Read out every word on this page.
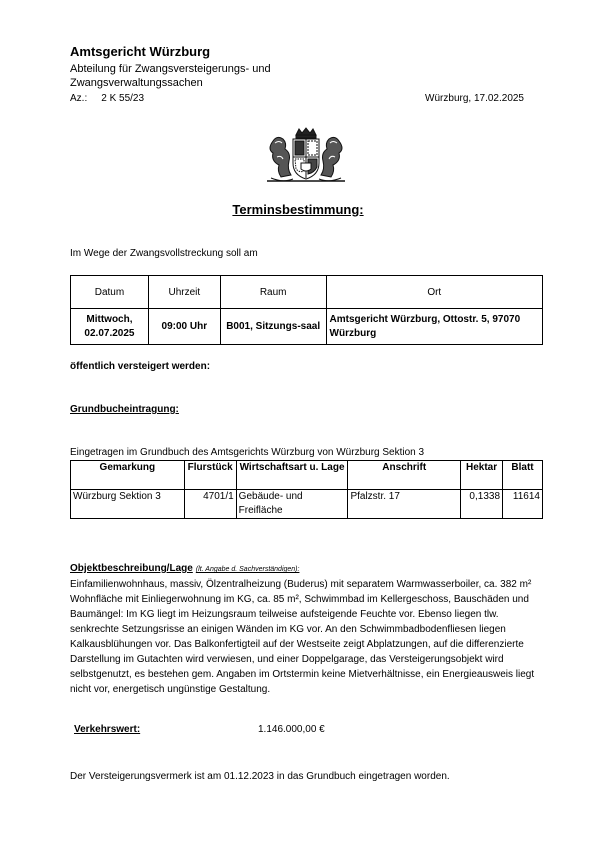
Amtsgericht Würzburg
Abteilung für Zwangsversteigerungs- und Zwangsverwaltungssachen
Az.: 2 K 55/23	Würzburg, 17.02.2025
Terminsbestimmung:
Im Wege der Zwangsvollstreckung soll am
Datum	Uhrzeit	Raum	Ort
Mittwoch, 02.07.2025	09:00 Uhr	B001, Sitzungs-saal	Amtsgericht Würzburg, Ottostr. 5, 97070 Würzburg
öffentlich versteigert werden:
Grundbucheintragung:
Eingetragen im Grundbuch des Amtsgerichts Würzburg von Würzburg Sektion 3
Gemarkung	Flurstück	Wirtschaftsart u. Lage	Anschrift	Hektar	Blatt
Würzburg Sektion 3	4701/1	Gebäude- und Freifläche	Pfalzstr. 17	0,1338	11614
Objektbeschreibung/Lage (lt. Angabe d. Sachverständigen):
Einfamilienwohnhaus, massiv, Ölzentralheizung (Buderus) mit separatem Warmwasserboiler, ca. 382 m² Wohnfläche mit Einliegerwohnung im KG, ca. 85 m², Schwimmbad im Kellergeschoss, Bauschäden und Baumängel: Im KG liegt im Heizungsraum teilweise aufsteigende Feuchte vor. Ebenso liegen tlw. senkrechte Setzungsrisse an einigen Wänden im KG vor. An den Schwimmbadbodenfliesen liegen Kalkausblühungen vor. Das Balkonfertigteil auf der Westseite zeigt Abplatzungen, auf die differenzierte Darstellung im Gutachten wird verwiesen, und einer Doppelgarage, das Versteigerungsobjekt wird selbstgenutzt, es bestehen gem. Angaben im Ortstermin keine Mietverhältnisse, ein Energieausweis liegt nicht vor, energetisch ungünstige Gestaltung.
Verkehrswert:	1.146.000,00 €
Der Versteigerungsvermerk ist am 01.12.2023 in das Grundbuch eingetragen worden.
